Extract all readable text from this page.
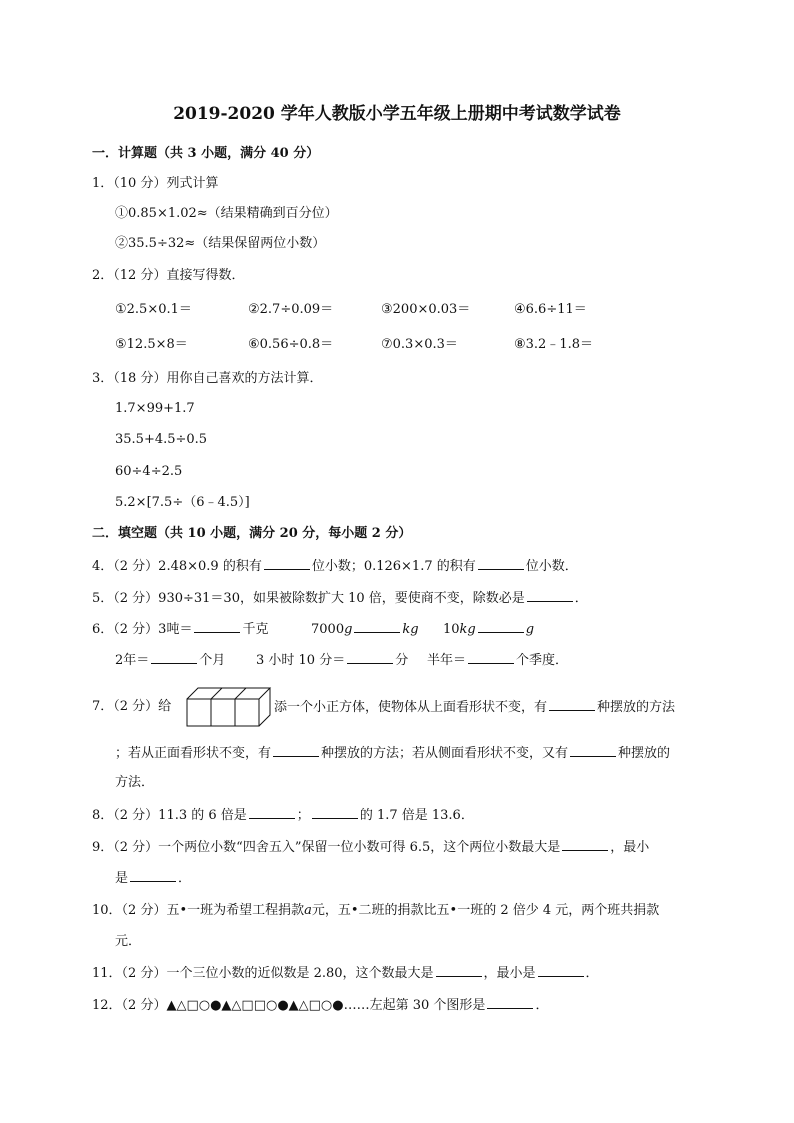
2019-2020 学年人教版小学五年级上册期中考试数学试卷
一．计算题（共 3 小题，满分 40 分）
1．（10 分）列式计算
①0.85×1.02≈（结果精确到百分位）
②35.5÷32≈（结果保留两位小数）
2．（12 分）直接写得数．
①2.5×0.1＝	②2.7÷0.09＝	③200×0.03＝	④6.6÷11＝
⑤12.5×8＝	⑥0.56÷0.8＝	⑦0.3×0.3＝	⑧3.2﹣1.8＝
3．（18 分）用你自己喜欢的方法计算．
1.7×99+1.7
35.5+4.5÷0.5
60÷4÷2.5
5.2×[7.5÷（6﹣4.5）]
二．填空题（共 10 小题，满分 20 分，每小题 2 分）
4．（2 分）2.48×0.9 的积有	位小数；0.126×1.7 的积有	位小数．
5．（2 分）930÷31＝30，如果被除数扩大 10 倍，要使商不变，除数必是	．
6．（2 分）3吨＝	千克	7000g	kg 10kg	g
2年＝	个月 3 小时 10 分＝	分 半年＝	个季度．
7．（2 分）给	添一个小正方体，使物体从上面看形状不变，有	种摆放的方法
；若从正面看形状不变，有	种摆放的方法；若从侧面看形状不变，又有	种摆放的
方法．
8．（2 分）11.3 的 6 倍是	；	的 1.7 倍是 13.6．
9．（2 分）一个两位小数“四舍五入”保留一位小数可得 6.5，这个两位小数最大是	，最小
是	．
10．（2 分）五•一班为希望工程捐款a元，五•二班的捐款比五•一班的 2 倍少 4 元，两个班共捐款
元．
11．（2 分）一个三位小数的近似数是 2.80，这个数最大是	，最小是	．
12．（2 分）▲△□○●▲△□□○●▲△□○●……左起第 30 个图形是	．
